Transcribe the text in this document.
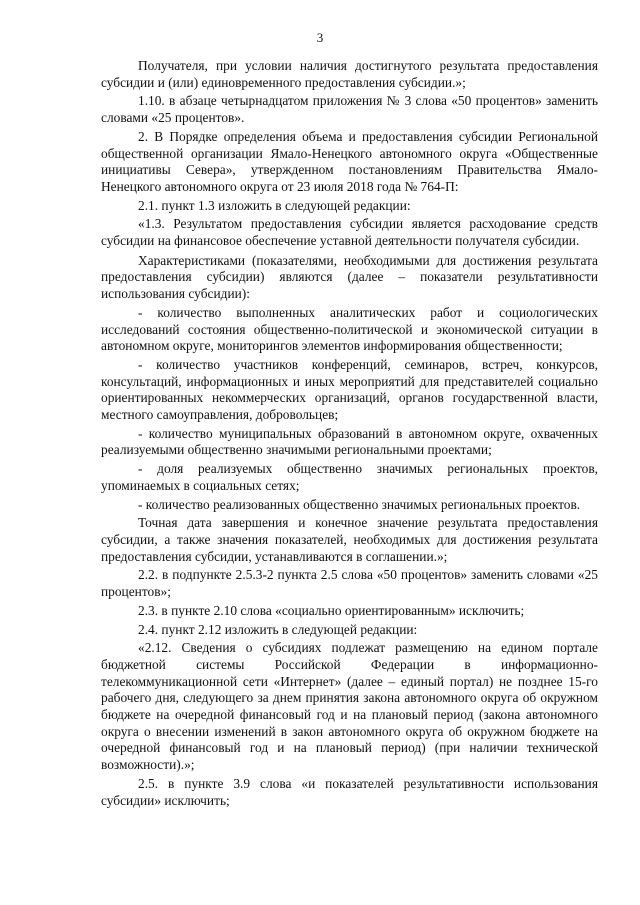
3

Получателя, при условии наличия достигнутого результата предоставления субсидии и (или) единовременного предоставления субсидии.»;

1.10. в абзаце четырнадцатом приложения № 3 слова «50 процентов» заменить словами «25 процентов».

2. В Порядке определения объема и предоставления субсидии Региональной общественной организации Ямало-Ненецкого автономного округа «Общественные инициативы Севера», утвержденном постановлениям Правительства Ямало-Ненецкого автономного округа от 23 июля 2018 года № 764-П:

2.1. пункт 1.3 изложить в следующей редакции:

«1.3. Результатом предоставления субсидии является расходование средств субсидии на финансовое обеспечение уставной деятельности получателя субсидии.

Характеристиками (показателями, необходимыми для достижения результата предоставления субсидии) являются (далее – показатели результативности использования субсидии):

- количество выполненных аналитических работ и социологических исследований состояния общественно-политической и экономической ситуации в автономном округе, мониторингов элементов информирования общественности;

- количество участников конференций, семинаров, встреч, конкурсов, консультаций, информационных и иных мероприятий для представителей социально ориентированных некоммерческих организаций, органов государственной власти, местного самоуправления, добровольцев;

- количество муниципальных образований в автономном округе, охваченных реализуемыми общественно значимыми региональными проектами;

- доля реализуемых общественно значимых региональных проектов, упоминаемых в социальных сетях;

- количество реализованных общественно значимых региональных проектов.

Точная дата завершения и конечное значение результата предоставления субсидии, а также значения показателей, необходимых для достижения результата предоставления субсидии, устанавливаются в соглашении.»;

2.2. в подпункте 2.5.3-2 пункта 2.5 слова «50 процентов» заменить словами «25 процентов»;

2.3. в пункте 2.10 слова «социально ориентированным» исключить;

2.4. пункт 2.12 изложить в следующей редакции:

«2.12. Сведения о субсидиях подлежат размещению на едином портале бюджетной системы Российской Федерации в информационно-телекоммуникационной сети «Интернет» (далее – единый портал) не позднее 15-го рабочего дня, следующего за днем принятия закона автономного округа об окружном бюджете на очередной финансовый год и на плановый период (закона автономного округа о внесении изменений в закон автономного округа об окружном бюджете на очередной финансовый год и на плановый период) (при наличии технической возможности).»;

2.5. в пункте 3.9 слова «и показателей результативности использования субсидии» исключить;
